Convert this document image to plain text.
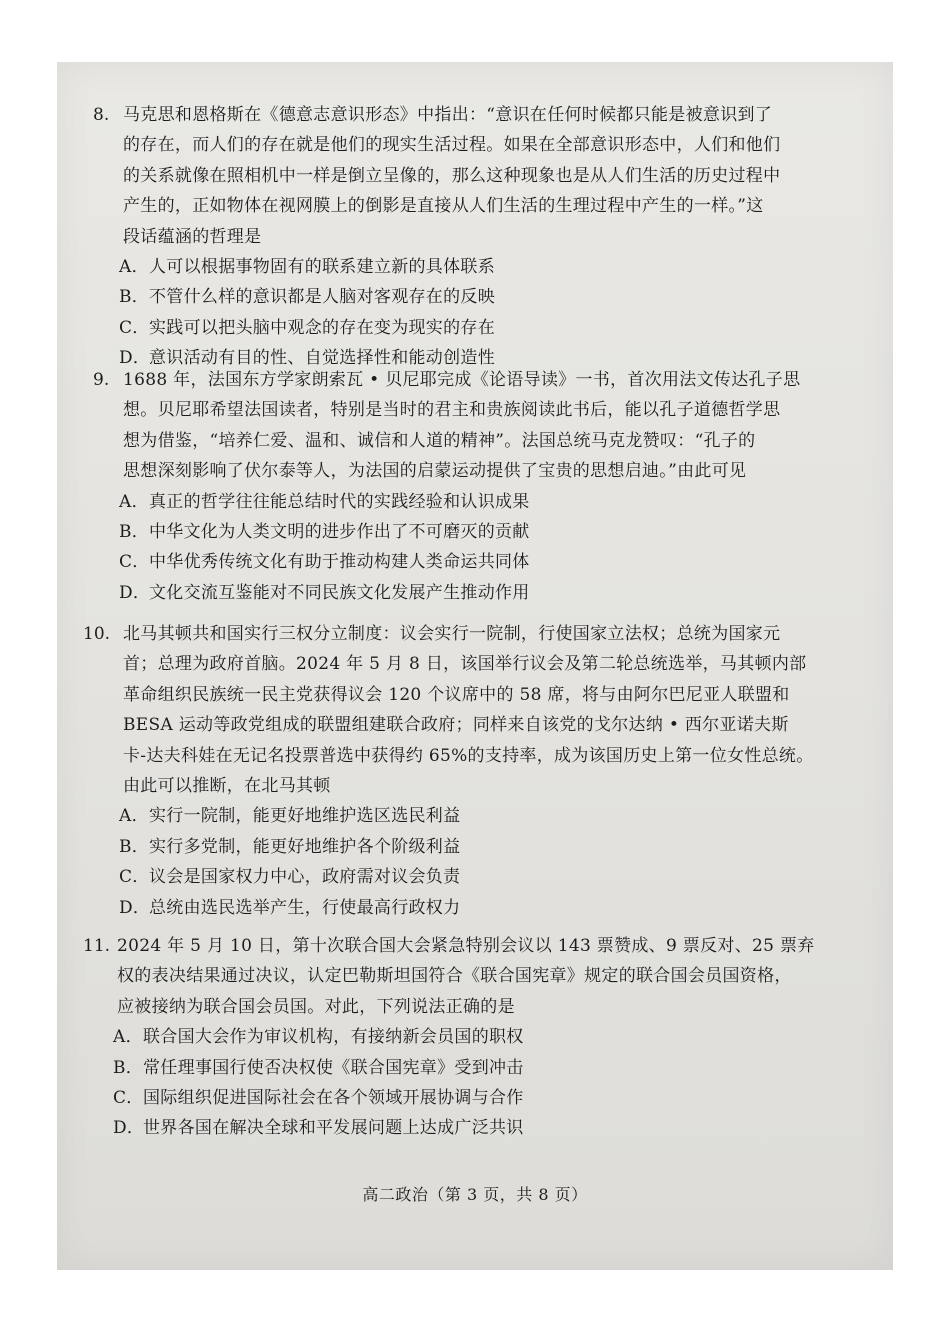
8. 马克思和恩格斯在《德意志意识形态》中指出：“意识在任何时候都只能是被意识到了
的存在，而人们的存在就是他们的现实生活过程。如果在全部意识形态中，人们和他们
的关系就像在照相机中一样是倒立呈像的，那么这种现象也是从人们生活的历史过程中
产生的，正如物体在视网膜上的倒影是直接从人们生活的生理过程中产生的一样。”这
段话蕴涵的哲理是
A．人可以根据事物固有的联系建立新的具体联系
B．不管什么样的意识都是人脑对客观存在的反映
C．实践可以把头脑中观念的存在变为现实的存在
D．意识活动有目的性、自觉选择性和能动创造性
9. 1688 年，法国东方学家朗索瓦 • 贝尼耶完成《论语导读》一书，首次用法文传达孔子思
想。贝尼耶希望法国读者，特别是当时的君主和贵族阅读此书后，能以孔子道德哲学思
想为借鉴，“培养仁爱、温和、诚信和人道的精神”。法国总统马克龙赞叹：“孔子的
思想深刻影响了伏尔泰等人，为法国的启蒙运动提供了宝贵的思想启迪。”由此可见
A．真正的哲学往往能总结时代的实践经验和认识成果
B．中华文化为人类文明的进步作出了不可磨灭的贡献
C．中华优秀传统文化有助于推动构建人类命运共同体
D．文化交流互鉴能对不同民族文化发展产生推动作用
10. 北马其顿共和国实行三权分立制度：议会实行一院制，行使国家立法权；总统为国家元
首；总理为政府首脑。2024 年 5 月 8 日，该国举行议会及第二轮总统选举，马其顿内部
革命组织民族统一民主党获得议会 120 个议席中的 58 席，将与由阿尔巴尼亚人联盟和
BESA 运动等政党组成的联盟组建联合政府；同样来自该党的戈尔达纳 • 西尔亚诺夫斯
卡-达夫科娃在无记名投票普选中获得约 65%的支持率，成为该国历史上第一位女性总统。
由此可以推断，在北马其顿
A．实行一院制，能更好地维护选区选民利益
B．实行多党制，能更好地维护各个阶级利益
C．议会是国家权力中心，政府需对议会负责
D．总统由选民选举产生，行使最高行政权力
11. 2024 年 5 月 10 日，第十次联合国大会紧急特别会议以 143 票赞成、9 票反对、25 票弃
权的表决结果通过决议，认定巴勒斯坦国符合《联合国宪章》规定的联合国会员国资格，
应被接纳为联合国会员国。对此，下列说法正确的是
A．联合国大会作为审议机构，有接纳新会员国的职权
B．常任理事国行使否决权使《联合国宪章》受到冲击
C．国际组织促进国际社会在各个领域开展协调与合作
D．世界各国在解决全球和平发展问题上达成广泛共识
高二政治（第 3 页，共 8 页）
